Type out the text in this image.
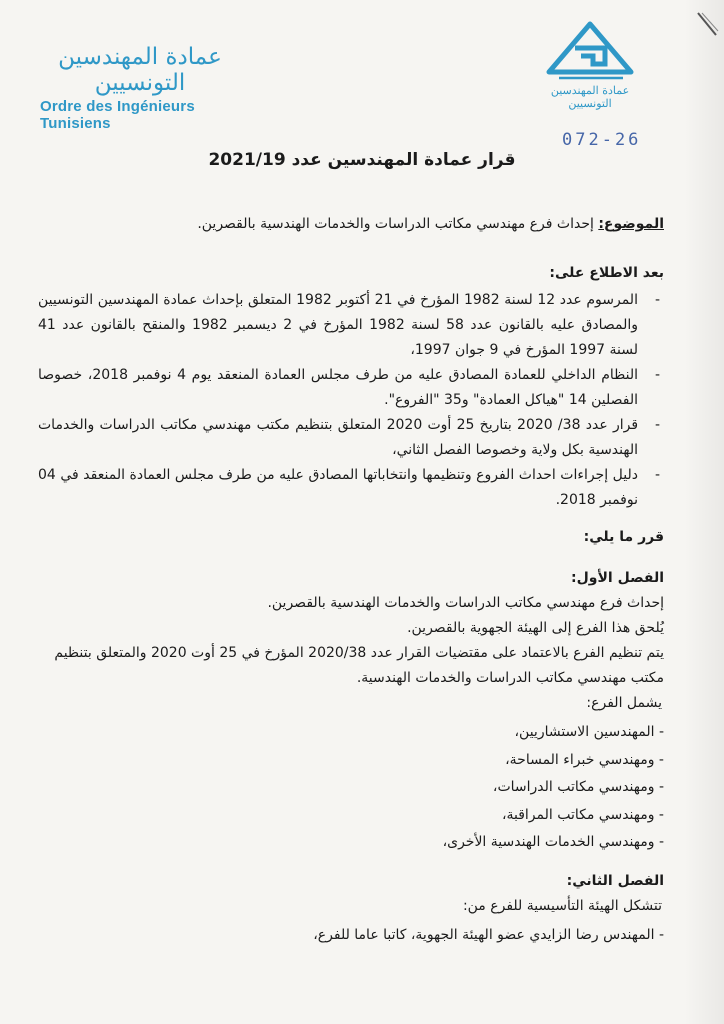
عمادة المهندسين التونسيين
Ordre des Ingénieurs Tunisiens
عمادة المهندسين التونسيين
072-26
قرار عمادة المهندسين عدد 2021/19

الموضوع: إحداث فرع مهندسي مكاتب الدراسات والخدمات الهندسية بالقصرين.

بعد الاطلاع على:

- المرسوم عدد 12 لسنة 1982 المؤرخ في 21 أكتوبر 1982 المتعلق بإحداث عمادة المهندسين التونسيين والمصادق عليه بالقانون عدد 58 لسنة 1982 المؤرخ في 2 ديسمبر 1982 والمنقح بالقانون عدد 41 لسنة 1997 المؤرخ في 9 جوان 1997،
- النظام الداخلي للعمادة المصادق عليه من طرف مجلس العمادة المنعقد يوم 4 نوفمبر 2018، خصوصا الفصلين 14 "هياكل العمادة" و35 "الفروع".
- قرار عدد 38/ 2020 بتاريخ 25 أوت 2020 المتعلق بتنظيم مكتب مهندسي مكاتب الدراسات والخدمات الهندسية بكل ولاية وخصوصا الفصل الثاني،
- دليل إجراءات احداث الفروع وتنظيمها وانتخاباتها المصادق عليه من طرف مجلس العمادة المنعقد في 04 نوفمبر 2018.

قرر ما يلي:

الفصل الأول:

إحداث فرع مهندسي مكاتب الدراسات والخدمات الهندسية بالقصرين.

يُلحق هذا الفرع إلى الهيئة الجهوية بالقصرين.

يتم تنظيم الفرع بالاعتماد على مقتضيات القرار عدد 2020/38 المؤرخ في 25 أوت 2020 والمتعلق بتنظيم مكتب مهندسي مكاتب الدراسات والخدمات الهندسية.

يشمل الفرع:

- المهندسين الاستشاريين،
- ومهندسي خبراء المساحة،
- ومهندسي مكاتب الدراسات،
- ومهندسي مكاتب المراقبة،
- ومهندسي الخدمات الهندسية الأخرى،

الفصل الثاني:

تتشكل الهيئة التأسيسية للفرع من:

- المهندس رضا الزايدي عضو الهيئة الجهوية، كاتبا عاما للفرع،
